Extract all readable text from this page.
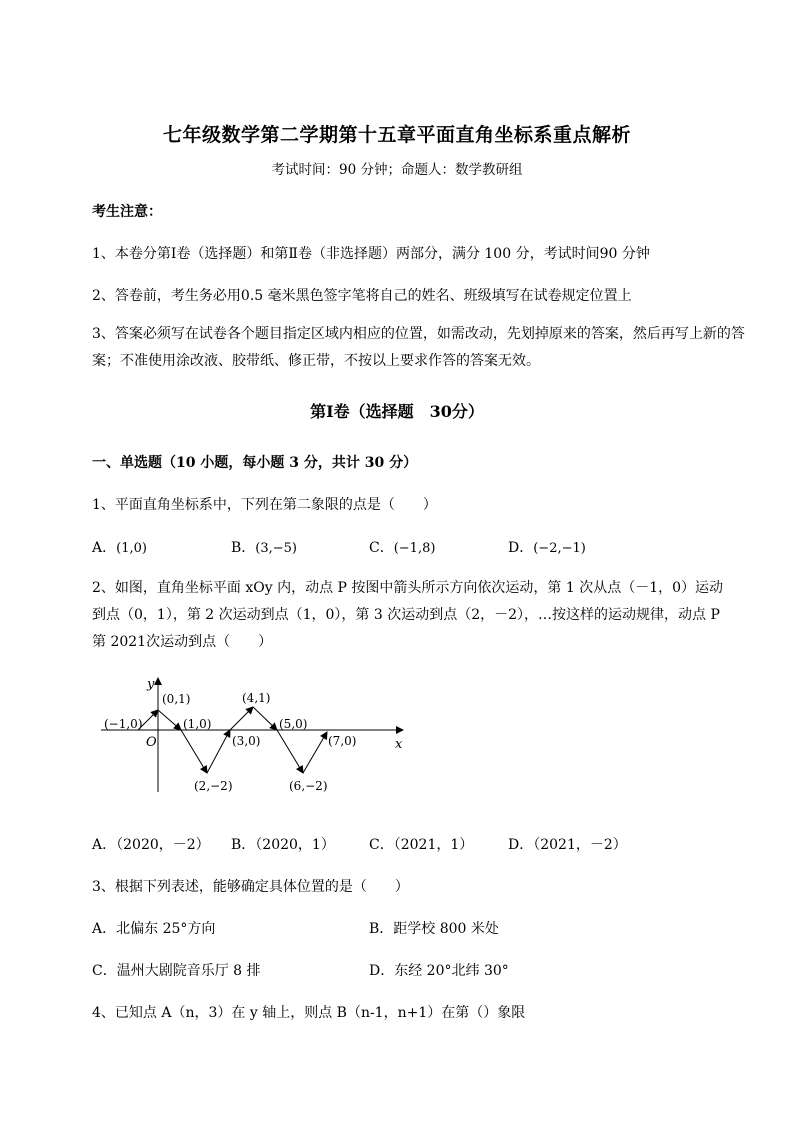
七年级数学第二学期第十五章平面直角坐标系重点解析
考试时间：90 分钟；命题人：数学教研组
考生注意：
1、本卷分第Ⅰ卷（选择题）和第Ⅱ卷（非选择题）两部分，满分 100 分，考试时间90 分钟
2、答卷前，考生务必用0.5 毫米黑色签字笔将自己的姓名、班级填写在试卷规定位置上
3、答案必须写在试卷各个题目指定区域内相应的位置，如需改动，先划掉原来的答案，然后再写上新的答案；不准使用涂改液、胶带纸、修正带，不按以上要求作答的答案无效。
第Ⅰ卷（选择题　30分）
一、单选题（10 小题，每小题 3 分，共计 30 分）
1、平面直角坐标系中，下列在第二象限的点是（　　）
A．(1,0)	B．(3,−5)	C．(−1,8)	D．(−2,−1)
2、如图，直角坐标平面 xOy 内，动点 P 按图中箭头所示方向依次运动，第 1 次从点（－1，0）运动
到点（0，1），第 2 次运动到点（1，0），第 3 次运动到点（2，－2），…按这样的运动规律，动点 P
第 2021次运动到点（　　）
y
x
O
(−1,0)
(0,1)
(1,0)
(2,−2)
(3,0)
(4,1)
(5,0)
(6,−2)
(7,0)
A．（2020，－2） B．（2020，1） C．（2021，1） D．（2021，－2）
3、根据下列表述，能够确定具体位置的是（　　）
A．北偏东 25°方向	B．距学校 800 米处
C．温州大剧院音乐厅 8 排	D．东经 20°北纬 30°
4、已知点 A（n，3）在 y 轴上，则点 B（n-1，n+1）在第（）象限
